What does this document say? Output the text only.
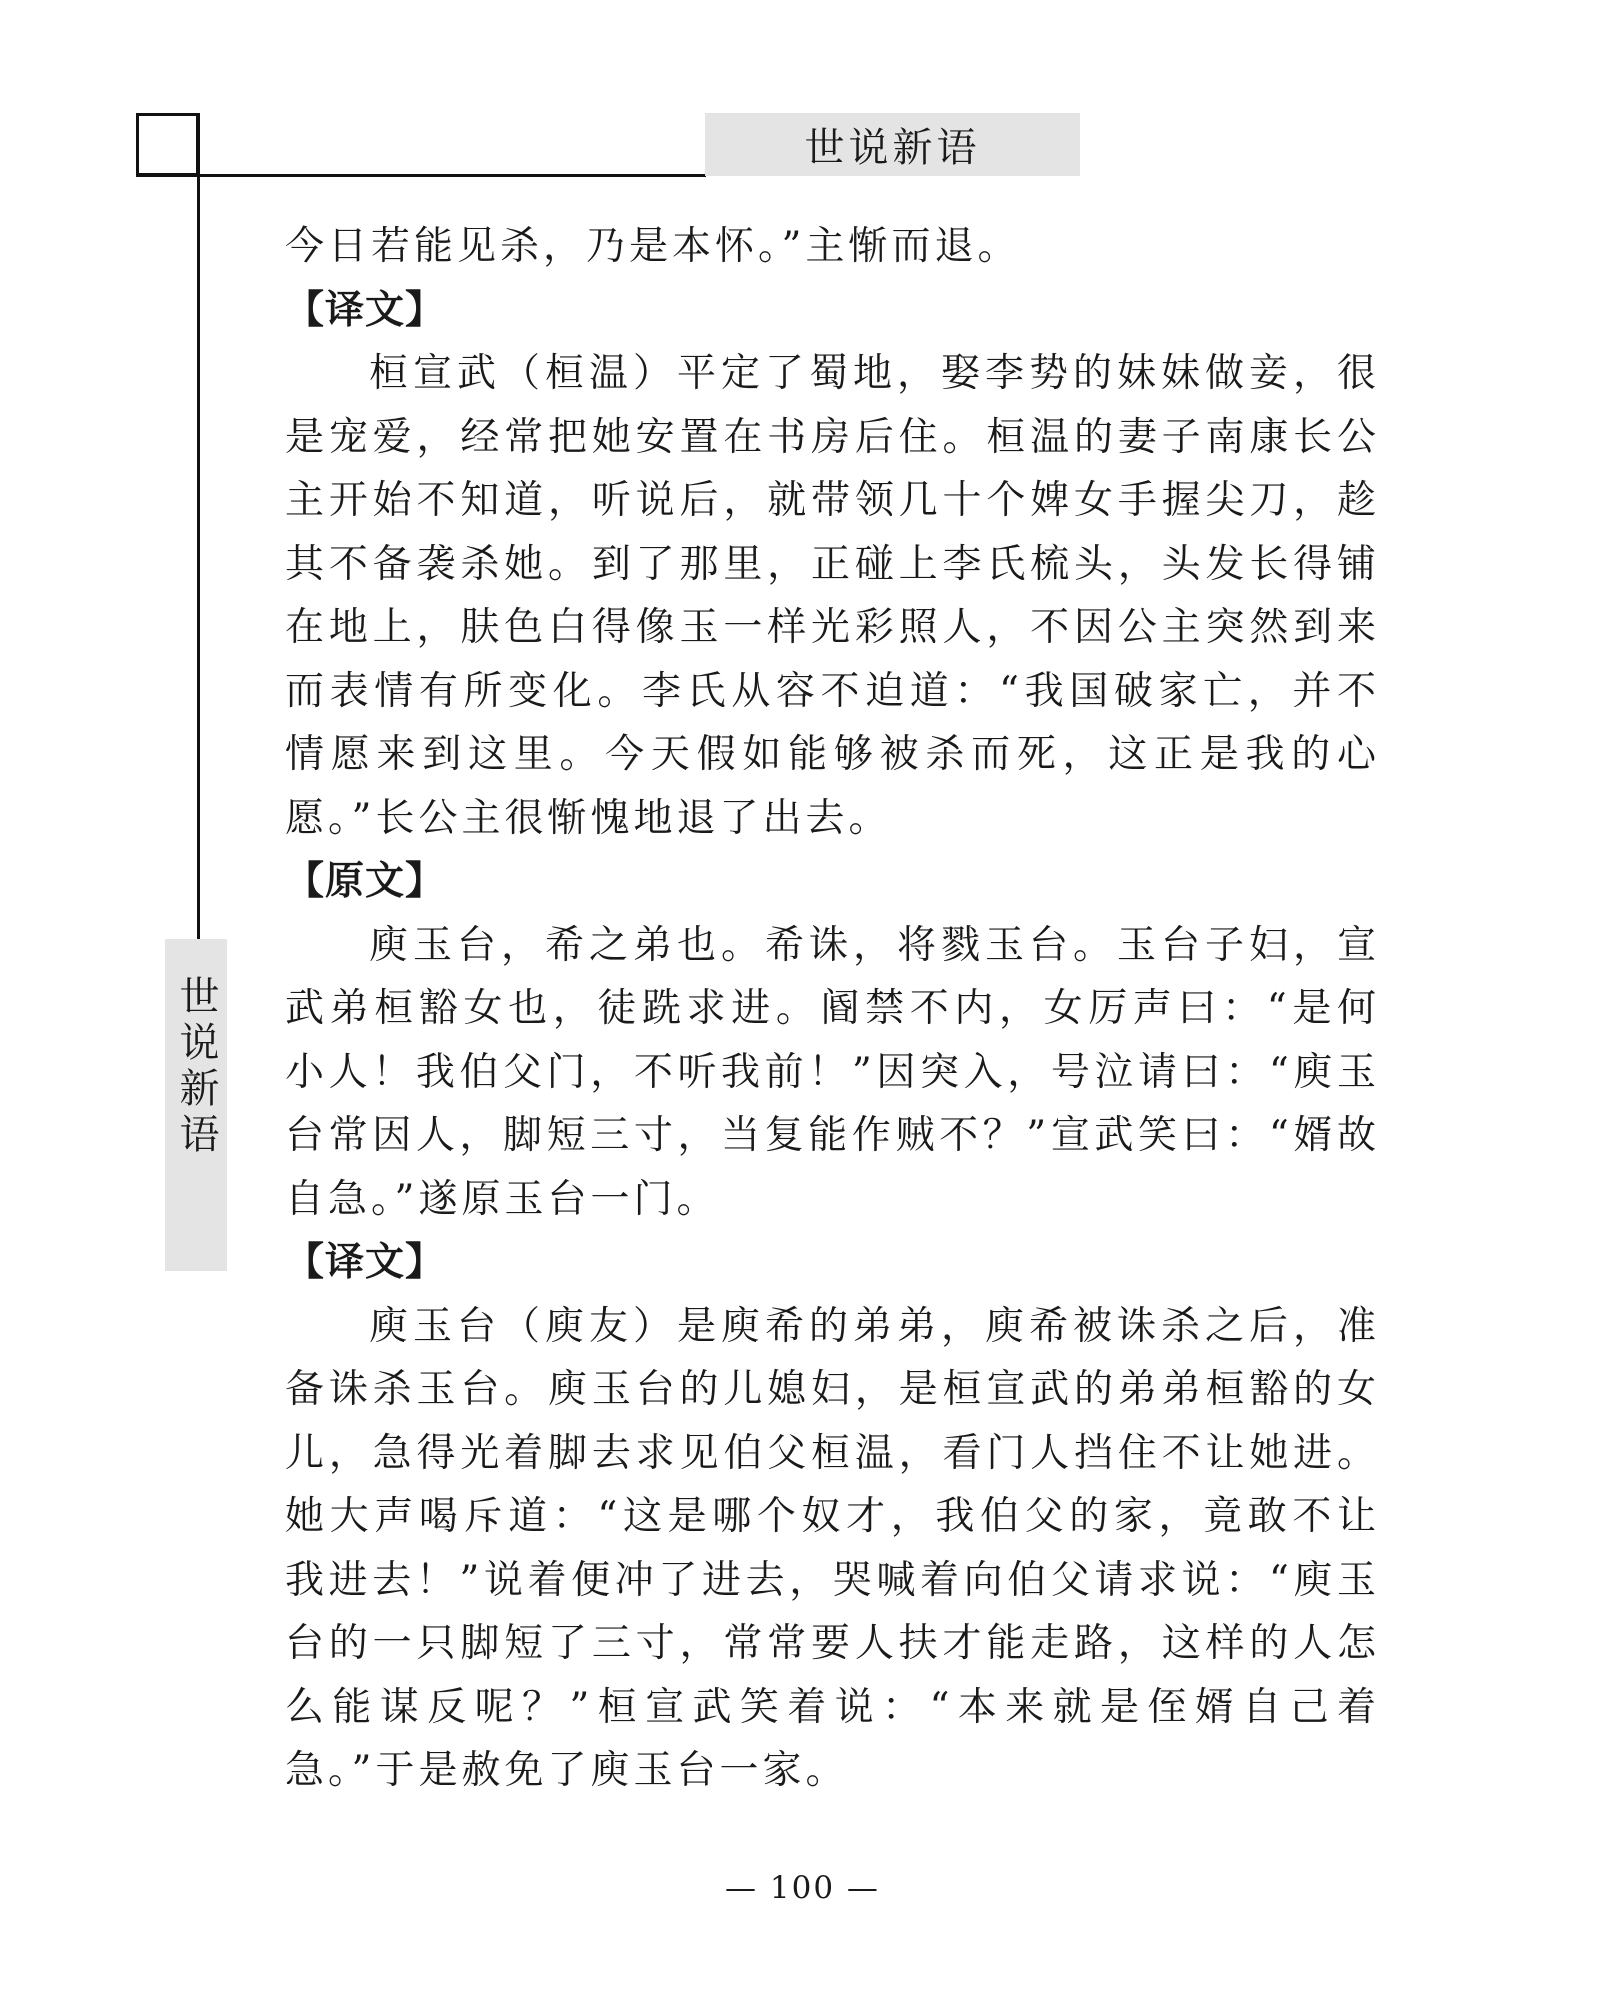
世说新语
世说新语

今日若能见杀，乃是本怀。”主惭而退。

【译文】

桓宣武（桓温）平定了蜀地，娶李势的妹妹做妾，很是宠爱，经常把她安置在书房后住。桓温的妻子南康长公主开始不知道，听说后，就带领几十个婢女手握尖刀，趁其不备袭杀她。到了那里，正碰上李氏梳头，头发长得铺在地上，肤色白得像玉一样光彩照人，不因公主突然到来而表情有所变化。李氏从容不迫道：“我国破家亡，并不情愿来到这里。今天假如能够被杀而死，这正是我的心愿。”长公主很惭愧地退了出去。

【原文】

庾玉台，希之弟也。希诛，将戮玉台。玉台子妇，宣武弟桓豁女也，徒跣求进。阍禁不内，女厉声曰：“是何小人！我伯父门，不听我前！”因突入，号泣请曰：“庾玉台常因人，脚短三寸，当复能作贼不？”宣武笑曰：“婿故自急。”遂原玉台一门。

【译文】

庾玉台（庾友）是庾希的弟弟，庾希被诛杀之后，准备诛杀玉台。庾玉台的儿媳妇，是桓宣武的弟弟桓豁的女儿，急得光着脚去求见伯父桓温，看门人挡住不让她进。她大声喝斥道：“这是哪个奴才，我伯父的家，竟敢不让我进去！”说着便冲了进去，哭喊着向伯父请求说：“庾玉台的一只脚短了三寸，常常要人扶才能走路，这样的人怎么能谋反呢？”桓宣武笑着说：“本来就是侄婿自己着急。”于是赦免了庾玉台一家。

— 100 —
